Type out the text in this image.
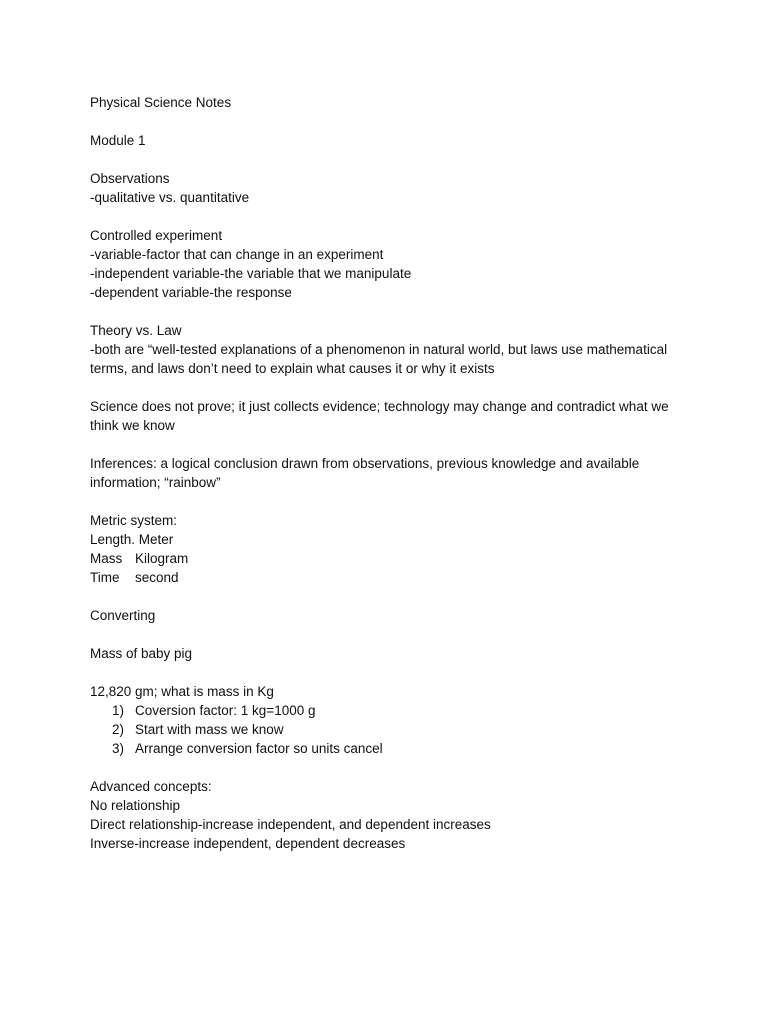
Physical Science Notes

Module 1

Observations

-qualitative vs. quantitative

Controlled experiment

-variable-factor that can change in an experiment

-independent variable-the variable that we manipulate

-dependent variable-the response

Theory vs. Law

-both are “well-tested explanations of a phenomenon in natural world, but laws use mathematical terms, and laws don’t need to explain what causes it or why it exists

Science does not prove; it just collects evidence; technology may change and contradict what we think we know

Inferences: a logical conclusion drawn from observations, previous knowledge and available information; “rainbow”

Metric system:

Length. Meter

Mass Kilogram
Time	second

Converting

Mass of baby pig

12,820 gm; what is mass in Kg

1) Coversion factor: 1 kg=1000 g
2) Start with mass we know
3) Arrange conversion factor so units cancel

Advanced concepts:

No relationship

Direct relationship-increase independent, and dependent increases

Inverse-increase independent, dependent decreases
